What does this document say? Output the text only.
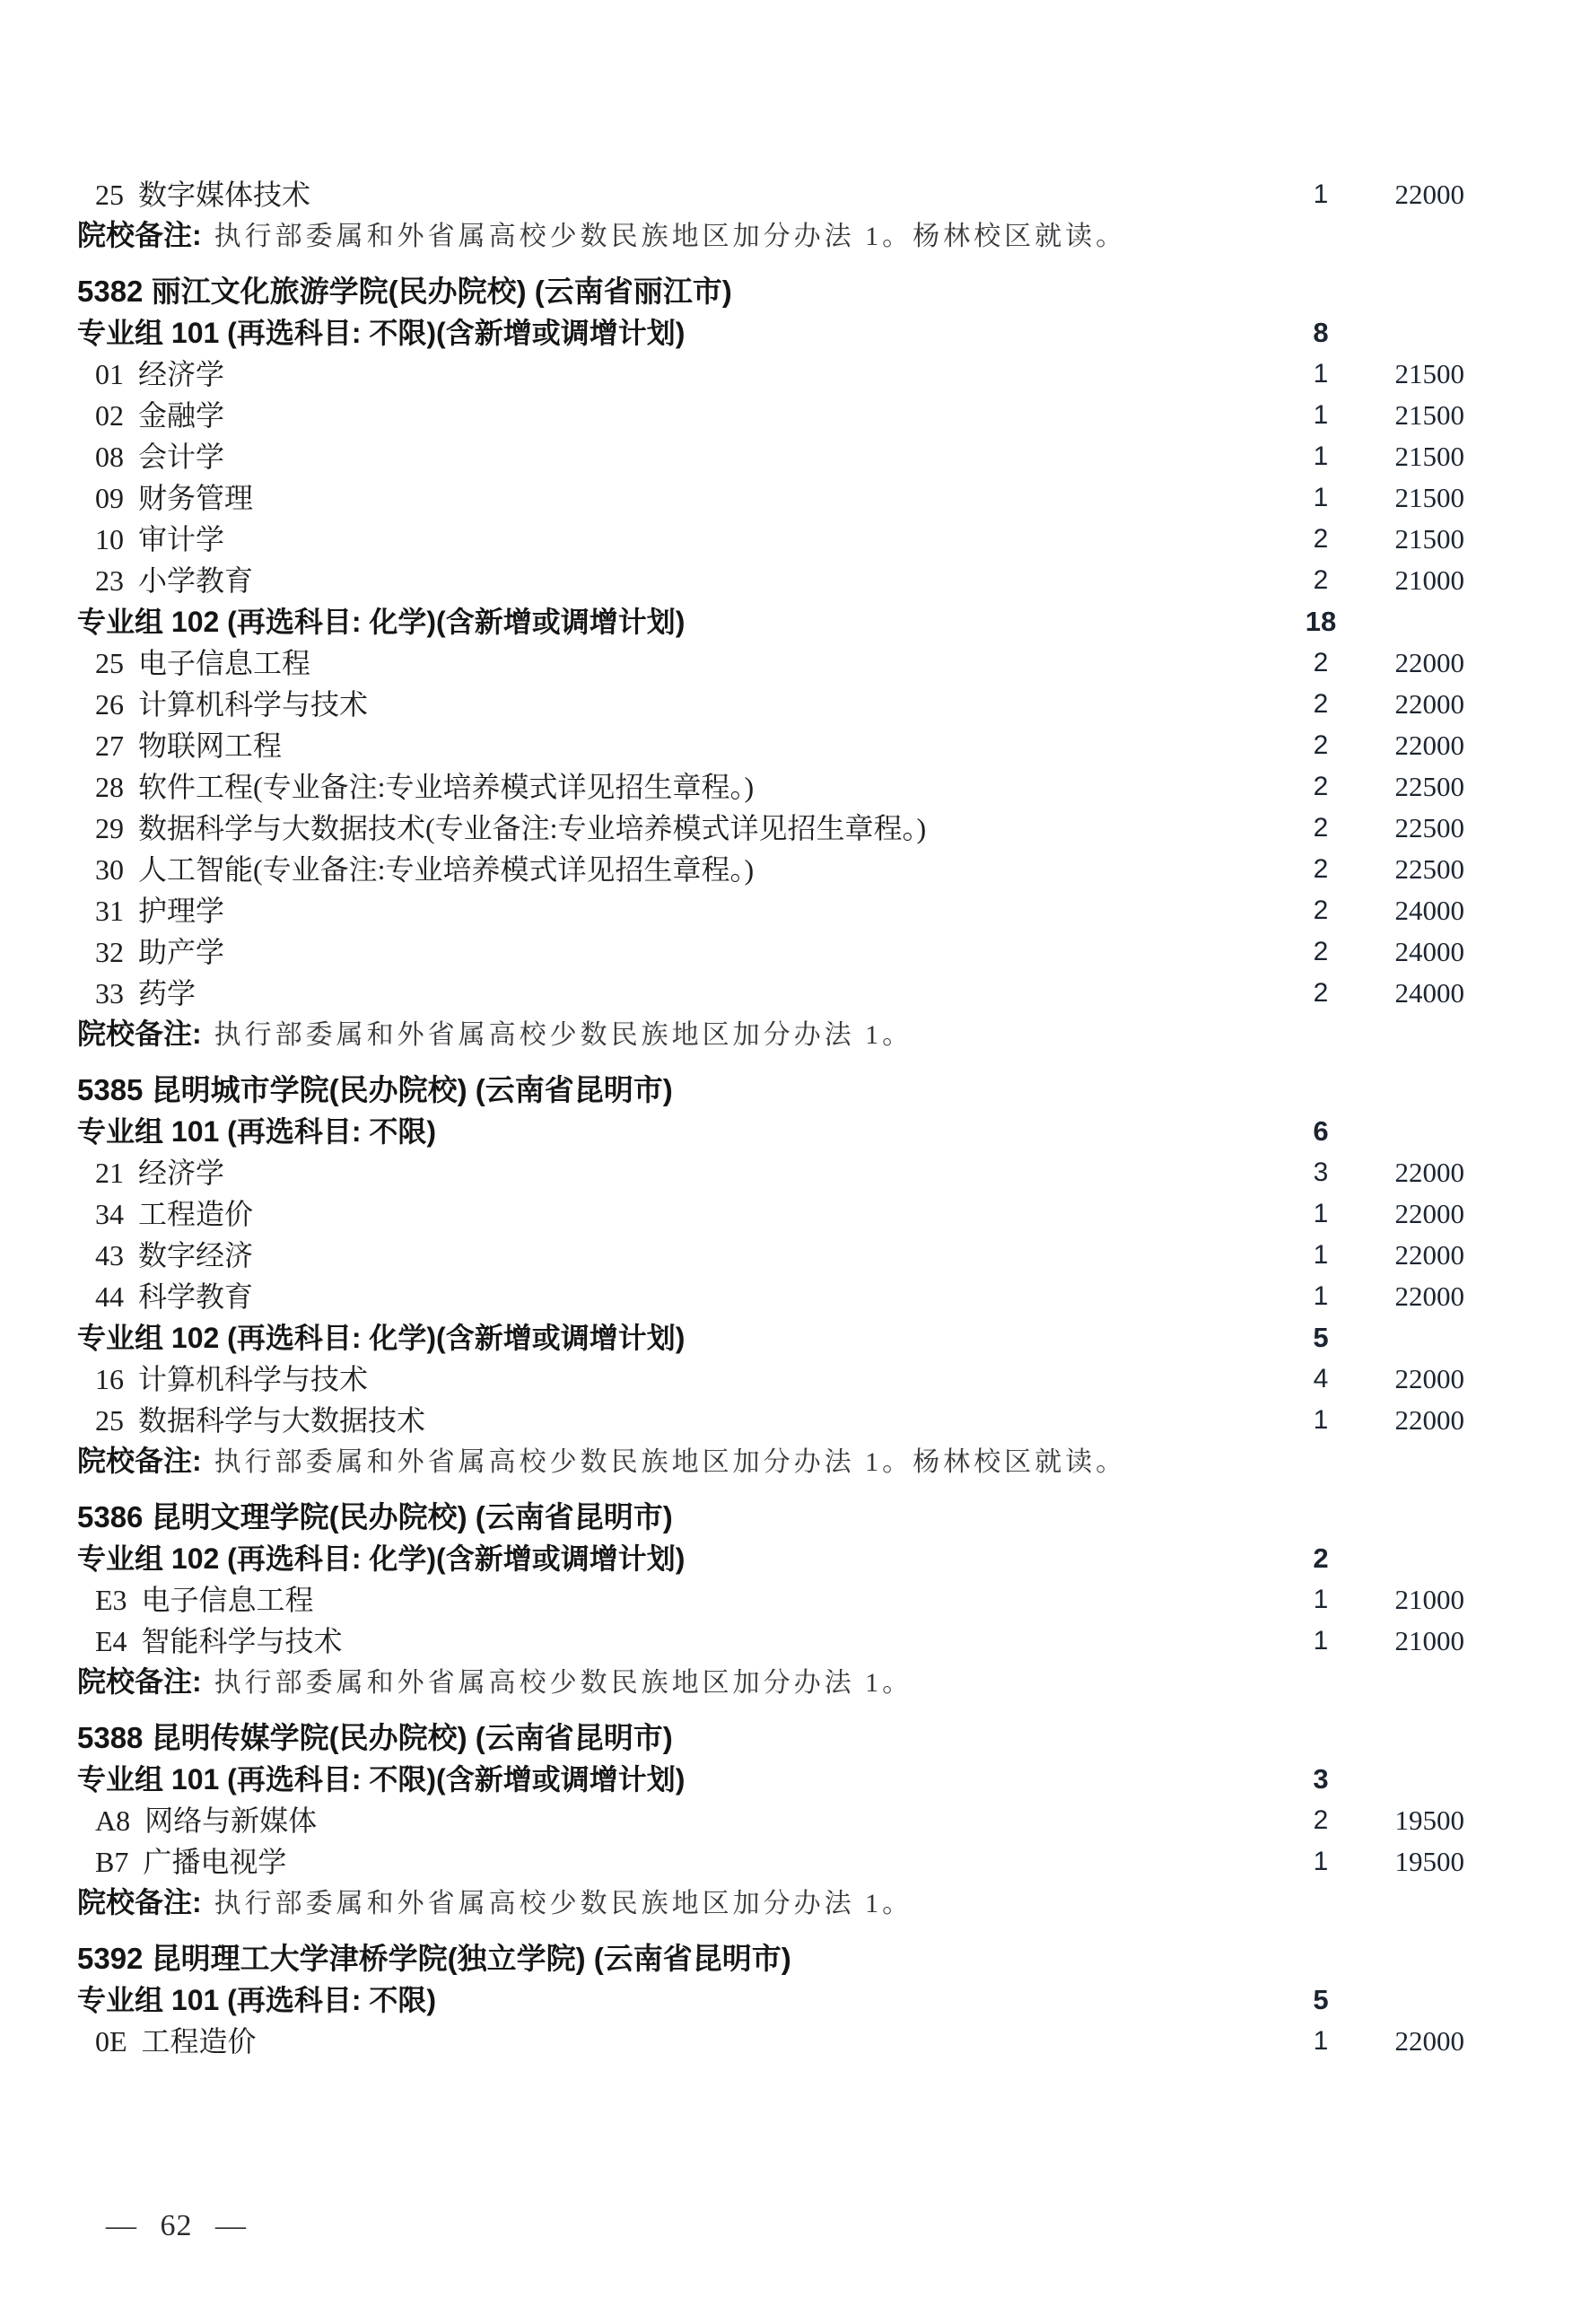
25 数字媒体技术	1	22000
院校备注: 执行部委属和外省属高校少数民族地区加分办法 1。杨林校区就读。
5382 丽江文化旅游学院(民办院校) (云南省丽江市)
专业组 101 (再选科目: 不限)(含新增或调增计划)	8
01 经济学	1	21500
02 金融学	1	21500
08 会计学	1	21500
09 财务管理	1	21500
10 审计学	2	21500
23 小学教育	2	21000
专业组 102 (再选科目: 化学)(含新增或调增计划)	18
25 电子信息工程	2	22000
26 计算机科学与技术	2	22000
27 物联网工程	2	22000
28 软件工程(专业备注:专业培养模式详见招生章程。)	2	22500
29 数据科学与大数据技术(专业备注:专业培养模式详见招生章程。)	2	22500
30 人工智能(专业备注:专业培养模式详见招生章程。)	2	22500
31 护理学	2	24000
32 助产学	2	24000
33 药学	2	24000
院校备注: 执行部委属和外省属高校少数民族地区加分办法 1。
5385 昆明城市学院(民办院校) (云南省昆明市)
专业组 101 (再选科目: 不限)	6
21 经济学	3	22000
34 工程造价	1	22000
43 数字经济	1	22000
44 科学教育	1	22000
专业组 102 (再选科目: 化学)(含新增或调增计划)	5
16 计算机科学与技术	4	22000
25 数据科学与大数据技术	1	22000
院校备注: 执行部委属和外省属高校少数民族地区加分办法 1。杨林校区就读。
5386 昆明文理学院(民办院校) (云南省昆明市)
专业组 102 (再选科目: 化学)(含新增或调增计划)	2
E3 电子信息工程	1	21000
E4 智能科学与技术	1	21000
院校备注: 执行部委属和外省属高校少数民族地区加分办法 1。
5388 昆明传媒学院(民办院校) (云南省昆明市)
专业组 101 (再选科目: 不限)(含新增或调增计划)	3
A8 网络与新媒体	2	19500
B7 广播电视学	1	19500
院校备注: 执行部委属和外省属高校少数民族地区加分办法 1。
5392 昆明理工大学津桥学院(独立学院) (云南省昆明市)
专业组 101 (再选科目: 不限)	5
0E 工程造价	1	22000
— 62 —
